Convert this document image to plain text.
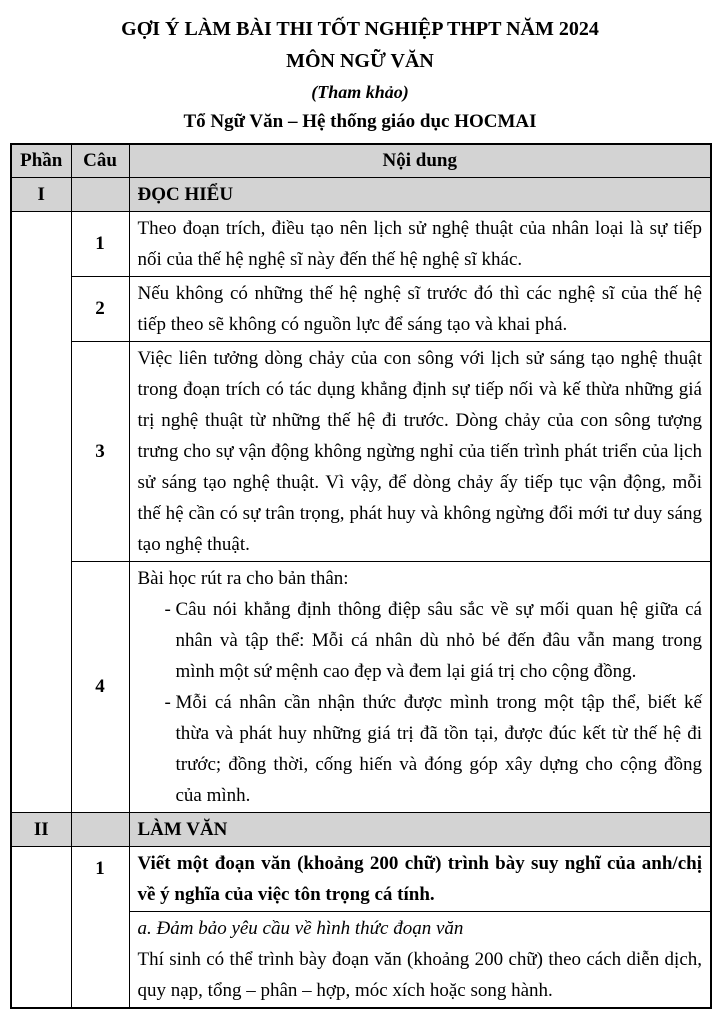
GỢI Ý LÀM BÀI THI TỐT NGHIỆP THPT NĂM 2024
MÔN NGỮ VĂN
(Tham khảo)
Tổ Ngữ Văn – Hệ thống giáo dục HOCMAI
Phần	Câu	Nội dung
I		ĐỌC HIỂU
	1	Theo đoạn trích, điều tạo nên lịch sử nghệ thuật của nhân loại là sự tiếp nối của thế hệ nghệ sĩ này đến thế hệ nghệ sĩ khác.
	2	Nếu không có những thế hệ nghệ sĩ trước đó thì các nghệ sĩ của thế hệ tiếp theo sẽ không có nguồn lực để sáng tạo và khai phá.
	3	Việc liên tưởng dòng chảy của con sông với lịch sử sáng tạo nghệ thuật trong đoạn trích có tác dụng khẳng định sự tiếp nối và kế thừa những giá trị nghệ thuật từ những thế hệ đi trước. Dòng chảy của con sông tượng trưng cho sự vận động không ngừng nghỉ của tiến trình phát triển của lịch sử sáng tạo nghệ thuật. Vì vậy, để dòng chảy ấy tiếp tục vận động, mỗi thế hệ cần có sự trân trọng, phát huy và không ngừng đổi mới tư duy sáng tạo nghệ thuật.
	4	Bài học rút ra cho bản thân:
- Câu nói khẳng định thông điệp sâu sắc về sự mối quan hệ giữa cá nhân và tập thể: Mỗi cá nhân dù nhỏ bé đến đâu vẫn mang trong mình một sứ mệnh cao đẹp và đem lại giá trị cho cộng đồng.
- Mỗi cá nhân cần nhận thức được mình trong một tập thể, biết kế thừa và phát huy những giá trị đã tồn tại, được đúc kết từ thế hệ đi trước; đồng thời, cống hiến và đóng góp xây dựng cho cộng đồng của mình.

II		LÀM VĂN
	1	Viết một đoạn văn (khoảng 200 chữ) trình bày suy nghĩ của anh/chị về ý nghĩa của việc tôn trọng cá tính.

		a. Đảm bảo yêu cầu về hình thức đoạn văn
Thí sinh có thể trình bày đoạn văn (khoảng 200 chữ) theo cách diễn dịch, quy nạp, tổng – phân – hợp, móc xích hoặc song hành.
